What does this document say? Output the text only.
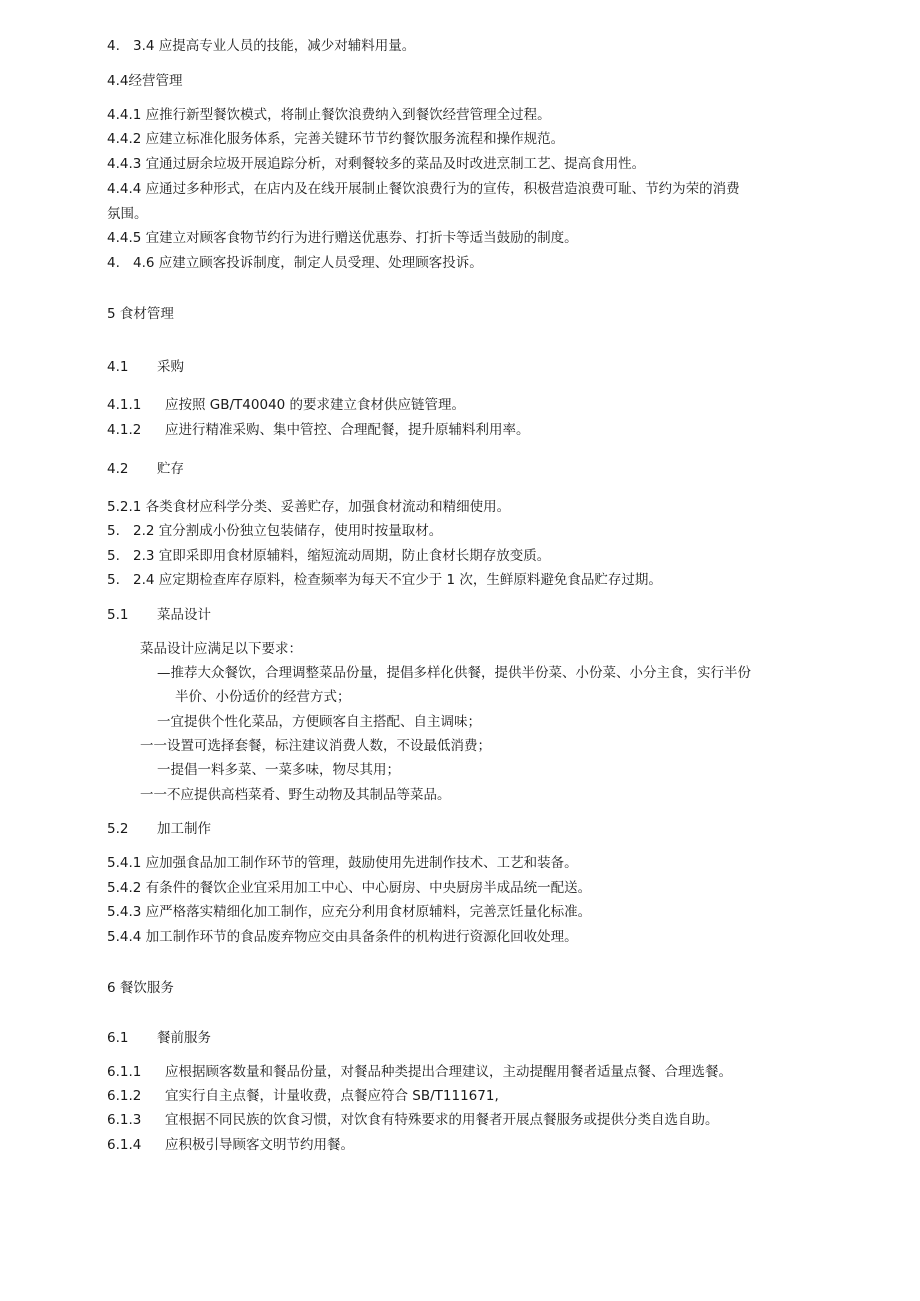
4. 3.4 应提高专业人员的技能，减少对辅料用量。
4.4经营管理
4.4.1 应推行新型餐饮模式，将制止餐饮浪费纳入到餐饮经营管理全过程。
4.4.2 应建立标准化服务体系，完善关键环节节约餐饮服务流程和操作规范。
4.4.3 宜通过厨余垃圾开展追踪分析，对剩餐较多的菜品及时改进烹制工艺、提高食用性。
4.4.4 应通过多种形式，在店内及在线开展制止餐饮浪费行为的宣传，积极营造浪费可耻、节约为荣的消费
氛围。
4.4.5 宜建立对顾客食物节约行为进行赠送优惠券、打折卡等适当鼓励的制度。
4. 4.6 应建立顾客投诉制度，制定人员受理、处理顾客投诉。
5 食材管理
4.1 采购
4.1.1 应按照 GB/T40040 的要求建立食材供应链管理。
4.1.2 应进行精准采购、集中管控、合理配餐，提升原辅料利用率。
4.2 贮存
5.2.1 各类食材应科学分类、妥善贮存，加强食材流动和精细使用。
5. 2.2 宜分割成小份独立包装储存，使用时按量取材。
5. 2.3 宜即采即用食材原辅料，缩短流动周期，防止食材长期存放变质。
5. 2.4 应定期检查库存原料，检查频率为每天不宜少于 1 次，生鲜原料避免食品贮存过期。
5.1 菜品设计
菜品设计应满足以下要求：
—推荐大众餐饮，合理调整菜品份量，提倡多样化供餐，提供半份菜、小份菜、小分主食，实行半份
半价、小份适价的经营方式；
一宜提供个性化菜品，方便顾客自主搭配、自主调味；
一一设置可选择套餐，标注建议消费人数，不设最低消费；
一提倡一料多菜、一菜多味，物尽其用；
一一不应提供高档菜肴、野生动物及其制品等菜品。
5.2 加工制作
5.4.1 应加强食品加工制作环节的管理，鼓励使用先进制作技术、工艺和装备。
5.4.2 有条件的餐饮企业宜采用加工中心、中心厨房、中央厨房半成品统一配送。
5.4.3 应严格落实精细化加工制作，应充分利用食材原辅料，完善烹饪量化标准。
5.4.4 加工制作环节的食品废弃物应交由具备条件的机构进行资源化回收处理。
6 餐饮服务
6.1 餐前服务
6.1.1 应根据顾客数量和餐品份量，对餐品种类提出合理建议，主动提醒用餐者适量点餐、合理选餐。
6.1.2 宜实行自主点餐，计量收费，点餐应符合 SB/T111671,
6.1.3 宜根据不同民族的饮食习惯，对饮食有特殊要求的用餐者开展点餐服务或提供分类自选自助。
6.1.4 应积极引导顾客文明节约用餐。
